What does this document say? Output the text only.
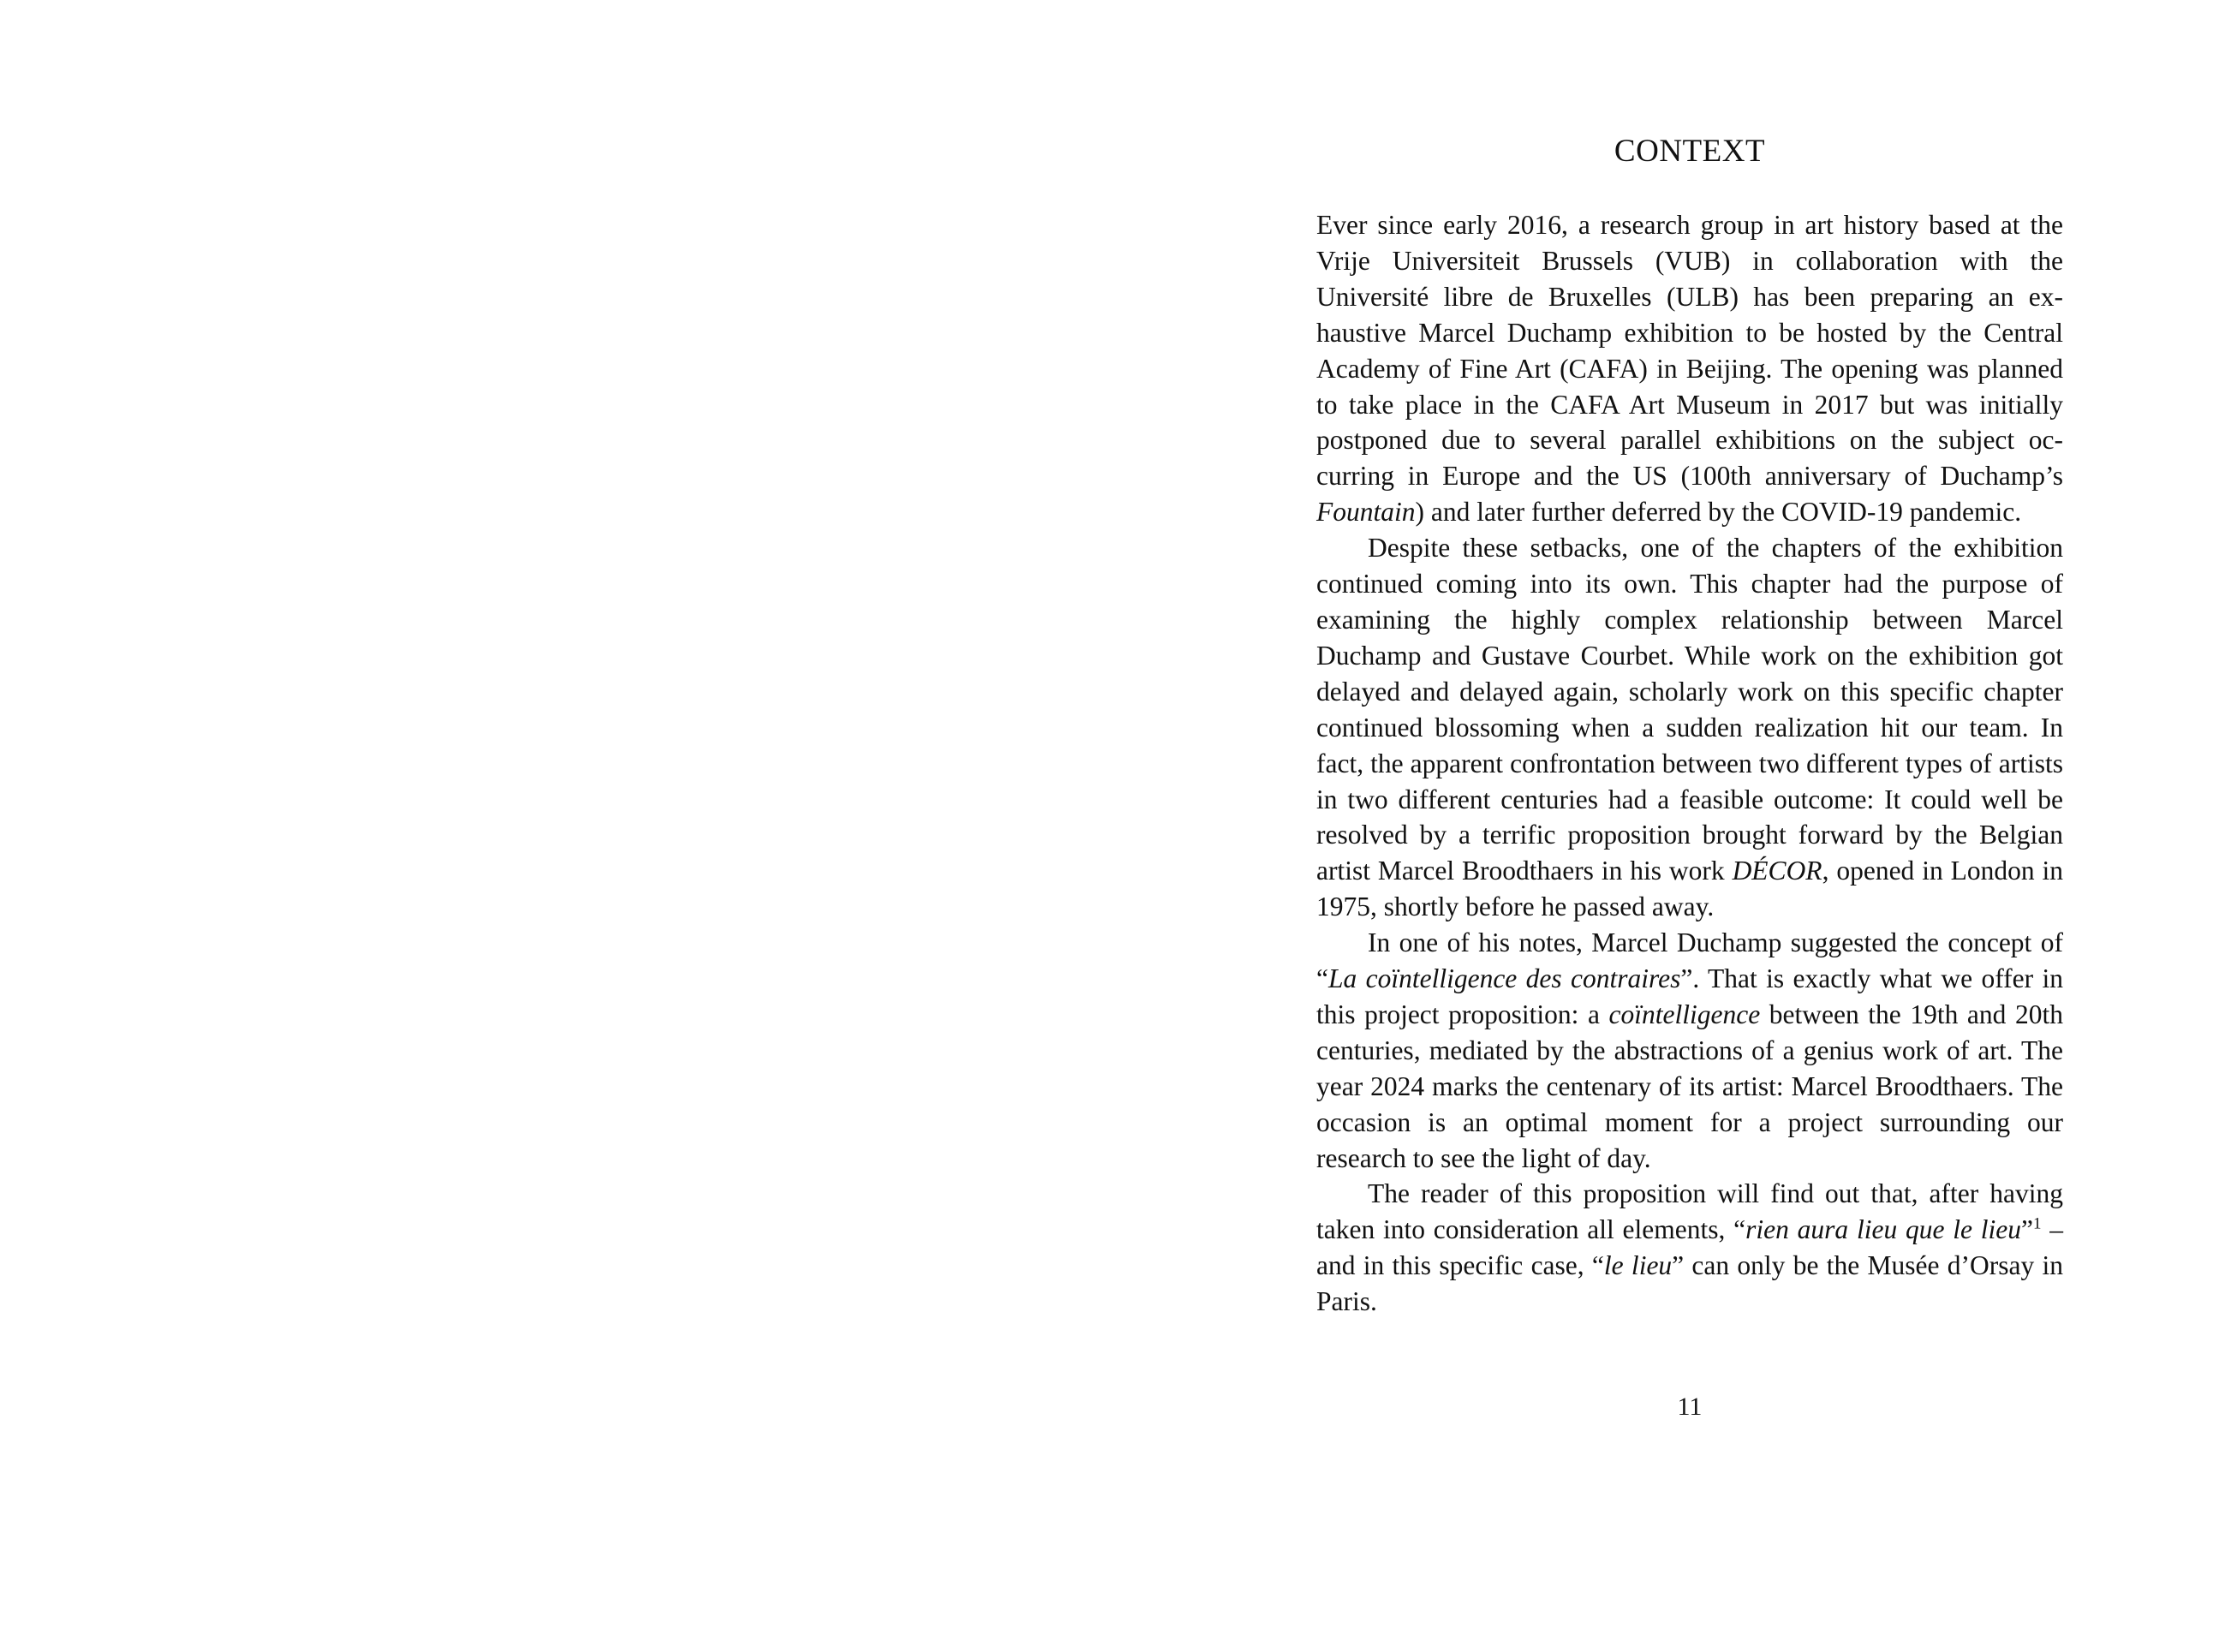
CONTEXT

Ever since early 2016, a research group in art history based at the Vrije Universiteit Brussels (VUB) in collaboration with the Université libre de Bruxelles (ULB) has been preparing an exhaustive Marcel Duchamp exhibition to be hosted by the Central Academy of Fine Art (CAFA) in Beijing. The opening was planned to take place in the CAFA Art Museum in 2017 but was initially postponed due to several parallel exhibitions on the subject occurring in Europe and the US (100th anniversary of Duchamp’s Fountain) and later further deferred by the COVID-19 pandemic.

Despite these setbacks, one of the chapters of the exhibition continued coming into its own. This chapter had the purpose of examining the highly complex relationship between Marcel Duchamp and Gustave Courbet. While work on the exhibition got delayed and delayed again, scholarly work on this specific chapter continued blossoming when a sudden realization hit our team. In fact, the apparent confrontation between two different types of artists in two different centuries had a feasible outcome: It could well be resolved by a terrific proposition brought forward by the Belgian artist Marcel Broodthaers in his work DÉCOR, opened in London in 1975, shortly before he passed away.

In one of his notes, Marcel Duchamp suggested the concept of “La coïntelligence des contraires”. That is exactly what we offer in this project proposition: a coïntelligence between the 19th and 20th centuries, mediated by the abstractions of a genius work of art. The year 2024 marks the centenary of its artist: Marcel Broodthaers. The occasion is an optimal moment for a project surrounding our research to see the light of day.

The reader of this proposition will find out that, after having taken into consideration all elements, “rien aura lieu que le lieu”$^1$ – and in this specific case, “le lieu” can only be the Musée d’Orsay in Paris.

11
